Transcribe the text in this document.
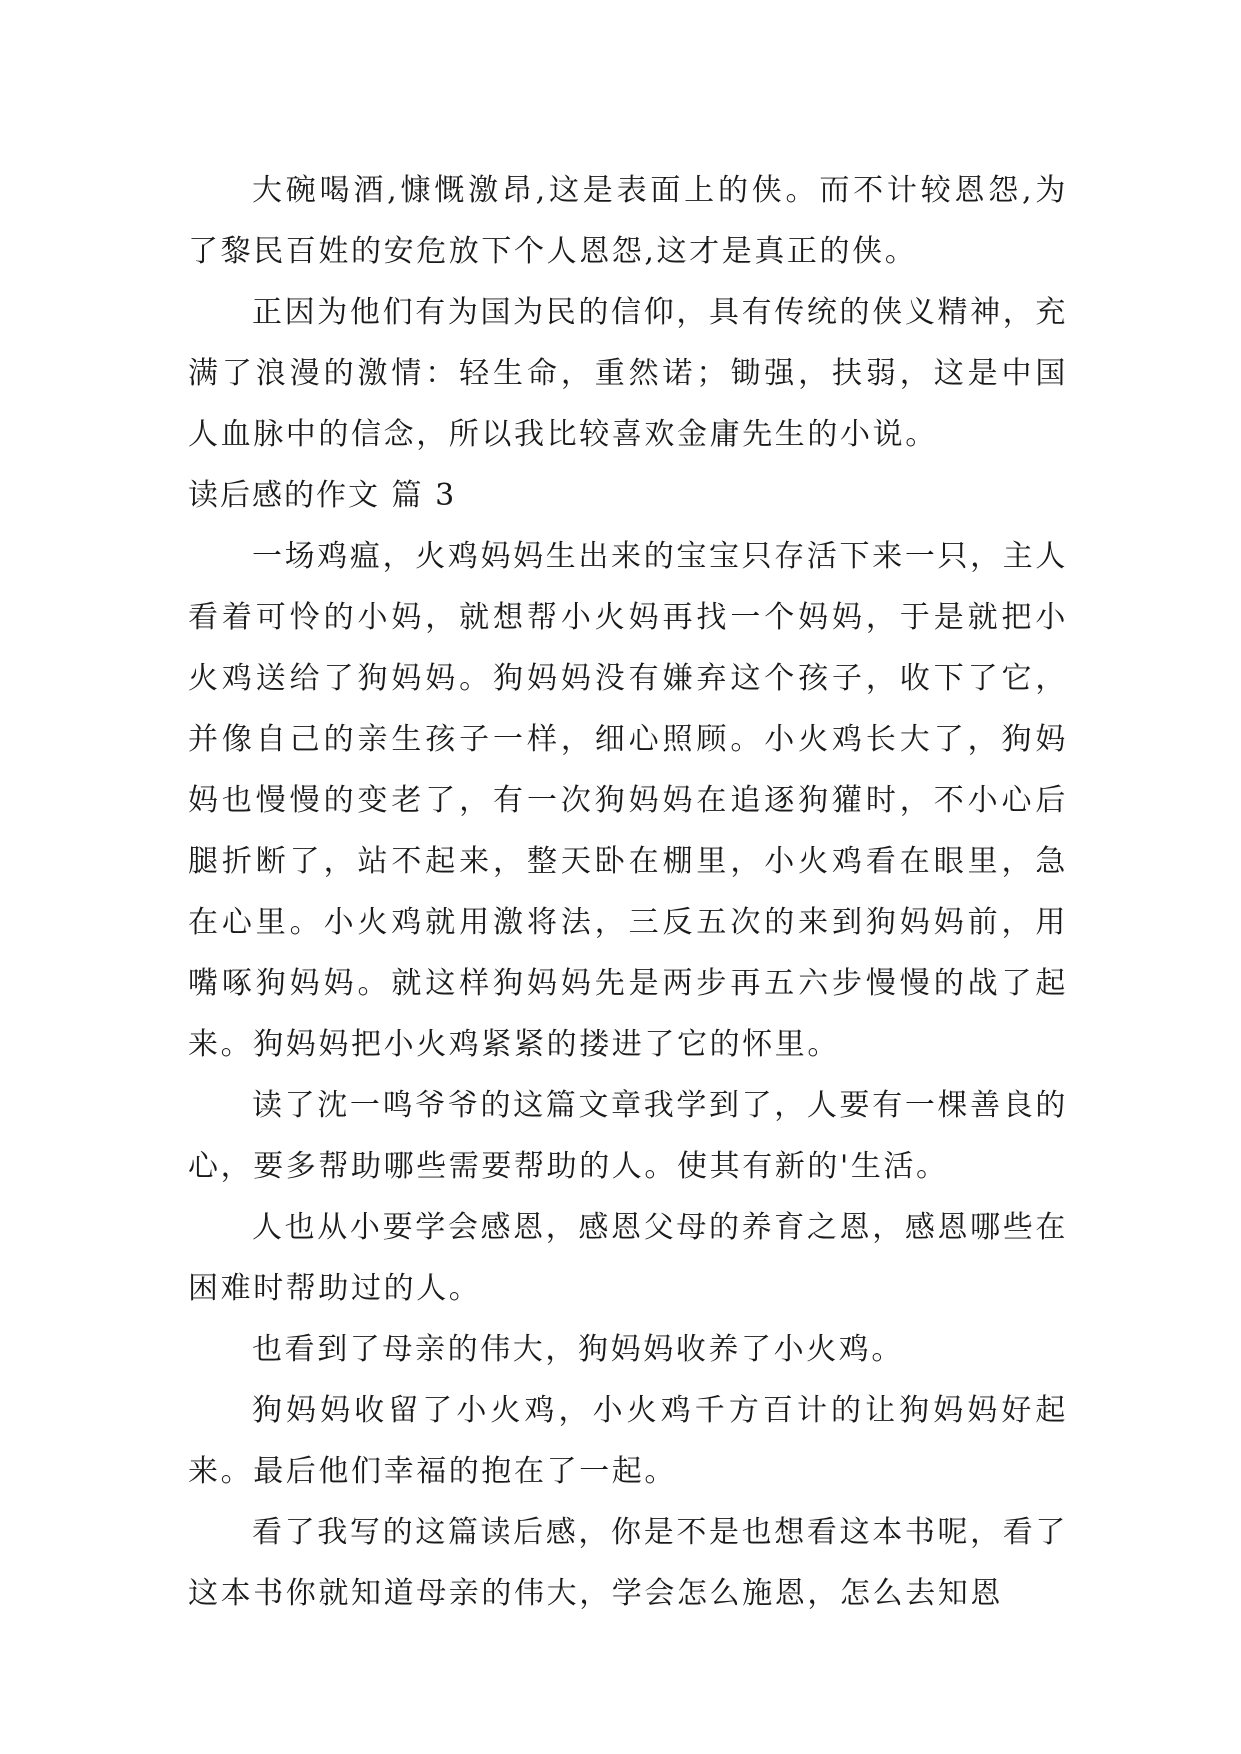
大碗喝酒,慷慨激昂,这是表面上的侠。而不计较恩怨,为了黎民百姓的安危放下个人恩怨,这才是真正的侠。

正因为他们有为国为民的信仰，具有传统的侠义精神，充满了浪漫的激情：轻生命，重然诺；锄强，扶弱，这是中国人血脉中的信念，所以我比较喜欢金庸先生的小说。

读后感的作文 篇 3

一场鸡瘟，火鸡妈妈生出来的宝宝只存活下来一只，主人看着可怜的小妈，就想帮小火妈再找一个妈妈，于是就把小火鸡送给了狗妈妈。狗妈妈没有嫌弃这个孩子，收下了它，并像自己的亲生孩子一样，细心照顾。小火鸡长大了，狗妈妈也慢慢的变老了，有一次狗妈妈在追逐狗獾时，不小心后腿折断了，站不起来，整天卧在棚里，小火鸡看在眼里，急在心里。小火鸡就用激将法，三反五次的来到狗妈妈前，用嘴啄狗妈妈。就这样狗妈妈先是两步再五六步慢慢的战了起来。狗妈妈把小火鸡紧紧的搂进了它的怀里。

读了沈一鸣爷爷的这篇文章我学到了，人要有一棵善良的心，要多帮助哪些需要帮助的人。使其有新的'生活。

人也从小要学会感恩，感恩父母的养育之恩，感恩哪些在困难时帮助过的人。

也看到了母亲的伟大，狗妈妈收养了小火鸡。

狗妈妈收留了小火鸡，小火鸡千方百计的让狗妈妈好起来。最后他们幸福的抱在了一起。

看了我写的这篇读后感，你是不是也想看这本书呢，看了这本书你就知道母亲的伟大，学会怎么施恩，怎么去知恩
